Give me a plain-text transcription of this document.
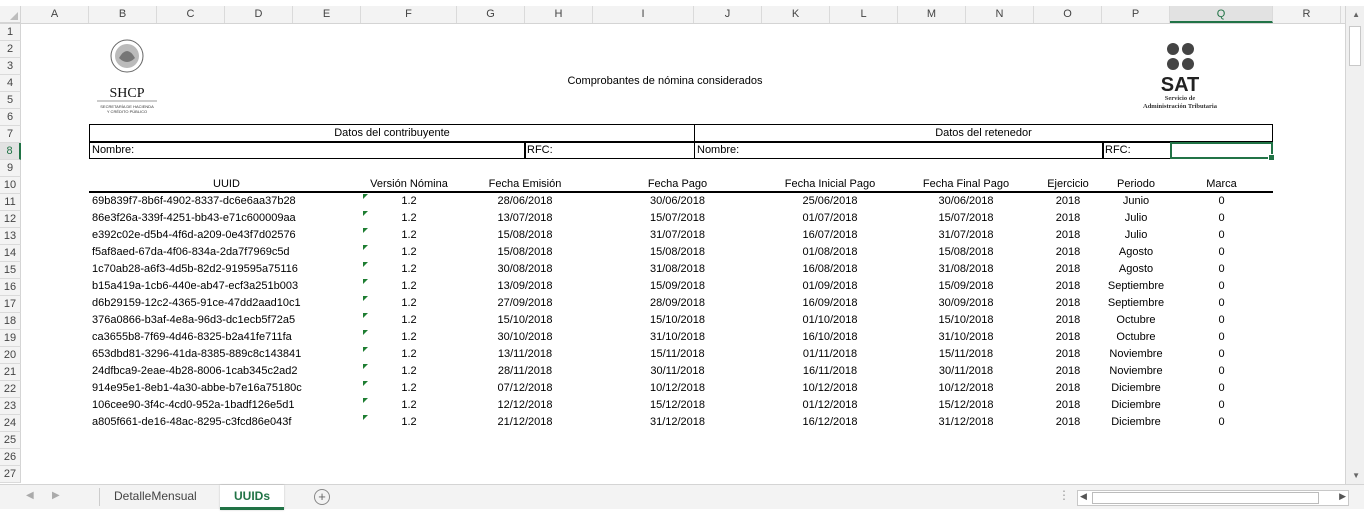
A	B	C	D	E	F	G	H	I	J	K	L	M	N	O	P	Q	R
1
2
3
4
5
6
7
8
9
10
11
12
13
14
15
16
17
18
19
20
21
22
23
24
25
26
27
SHCP
SECRETARÍA DE HACIENDA
Y CRÉDITO PÚBLICO
Comprobantes de nómina considerados	SAT
Servicio de
Administración Tributaria
Datos del contribuyente	Datos del retenedor
Nombre:	RFC:	Nombre:	RFC:
UUID	Versión Nómina	Fecha Emisión	Fecha Pago	Fecha Inicial Pago	Fecha Final Pago	Ejercicio	Periodo	Marca
69b839f7-8b6f-4902-8337-dc6e6aa37b28	1.2	28/06/2018	30/06/2018	25/06/2018	30/06/2018	2018	Junio	0
86e3f26a-339f-4251-bb43-e71c600009aa	1.2	13/07/2018	15/07/2018	01/07/2018	15/07/2018	2018	Julio	0
e392c02e-d5b4-4f6d-a209-0e43f7d02576	1.2	15/08/2018	31/07/2018	16/07/2018	31/07/2018	2018	Julio	0
f5af8aed-67da-4f06-834a-2da7f7969c5d	1.2	15/08/2018	15/08/2018	01/08/2018	15/08/2018	2018	Agosto	0
1c70ab28-a6f3-4d5b-82d2-919595a75116	1.2	30/08/2018	31/08/2018	16/08/2018	31/08/2018	2018	Agosto	0
b15a419a-1cb6-440e-ab47-ecf3a251b003	1.2	13/09/2018	15/09/2018	01/09/2018	15/09/2018	2018	Septiembre	0
d6b29159-12c2-4365-91ce-47dd2aad10c1	1.2	27/09/2018	28/09/2018	16/09/2018	30/09/2018	2018	Septiembre	0
376a0866-b3af-4e8a-96d3-dc1ecb5f72a5	1.2	15/10/2018	15/10/2018	01/10/2018	15/10/2018	2018	Octubre	0
ca3655b8-7f69-4d46-8325-b2a41fe711fa	1.2	30/10/2018	31/10/2018	16/10/2018	31/10/2018	2018	Octubre	0
653dbd81-3296-41da-8385-889c8c143841	1.2	13/11/2018	15/11/2018	01/11/2018	15/11/2018	2018	Noviembre	0
24dfbca9-2eae-4b28-8006-1cab345c2ad2	1.2	28/11/2018	30/11/2018	16/11/2018	30/11/2018	2018	Noviembre	0
914e95e1-8eb1-4a30-abbe-b7e16a75180c	1.2	07/12/2018	10/12/2018	10/12/2018	10/12/2018	2018	Diciembre	0
106cee90-3f4c-4cd0-952a-1badf126e5d1	1.2	12/12/2018	15/12/2018	01/12/2018	15/12/2018	2018	Diciembre	0
a805f661-de16-48ac-8295-c3fcd86e043f	1.2	21/12/2018	31/12/2018	16/12/2018	31/12/2018	2018	Diciembre	0
▲
▼
◀ ▶	DetalleMensual	UUIDs	+	⋮ ◀	▶
